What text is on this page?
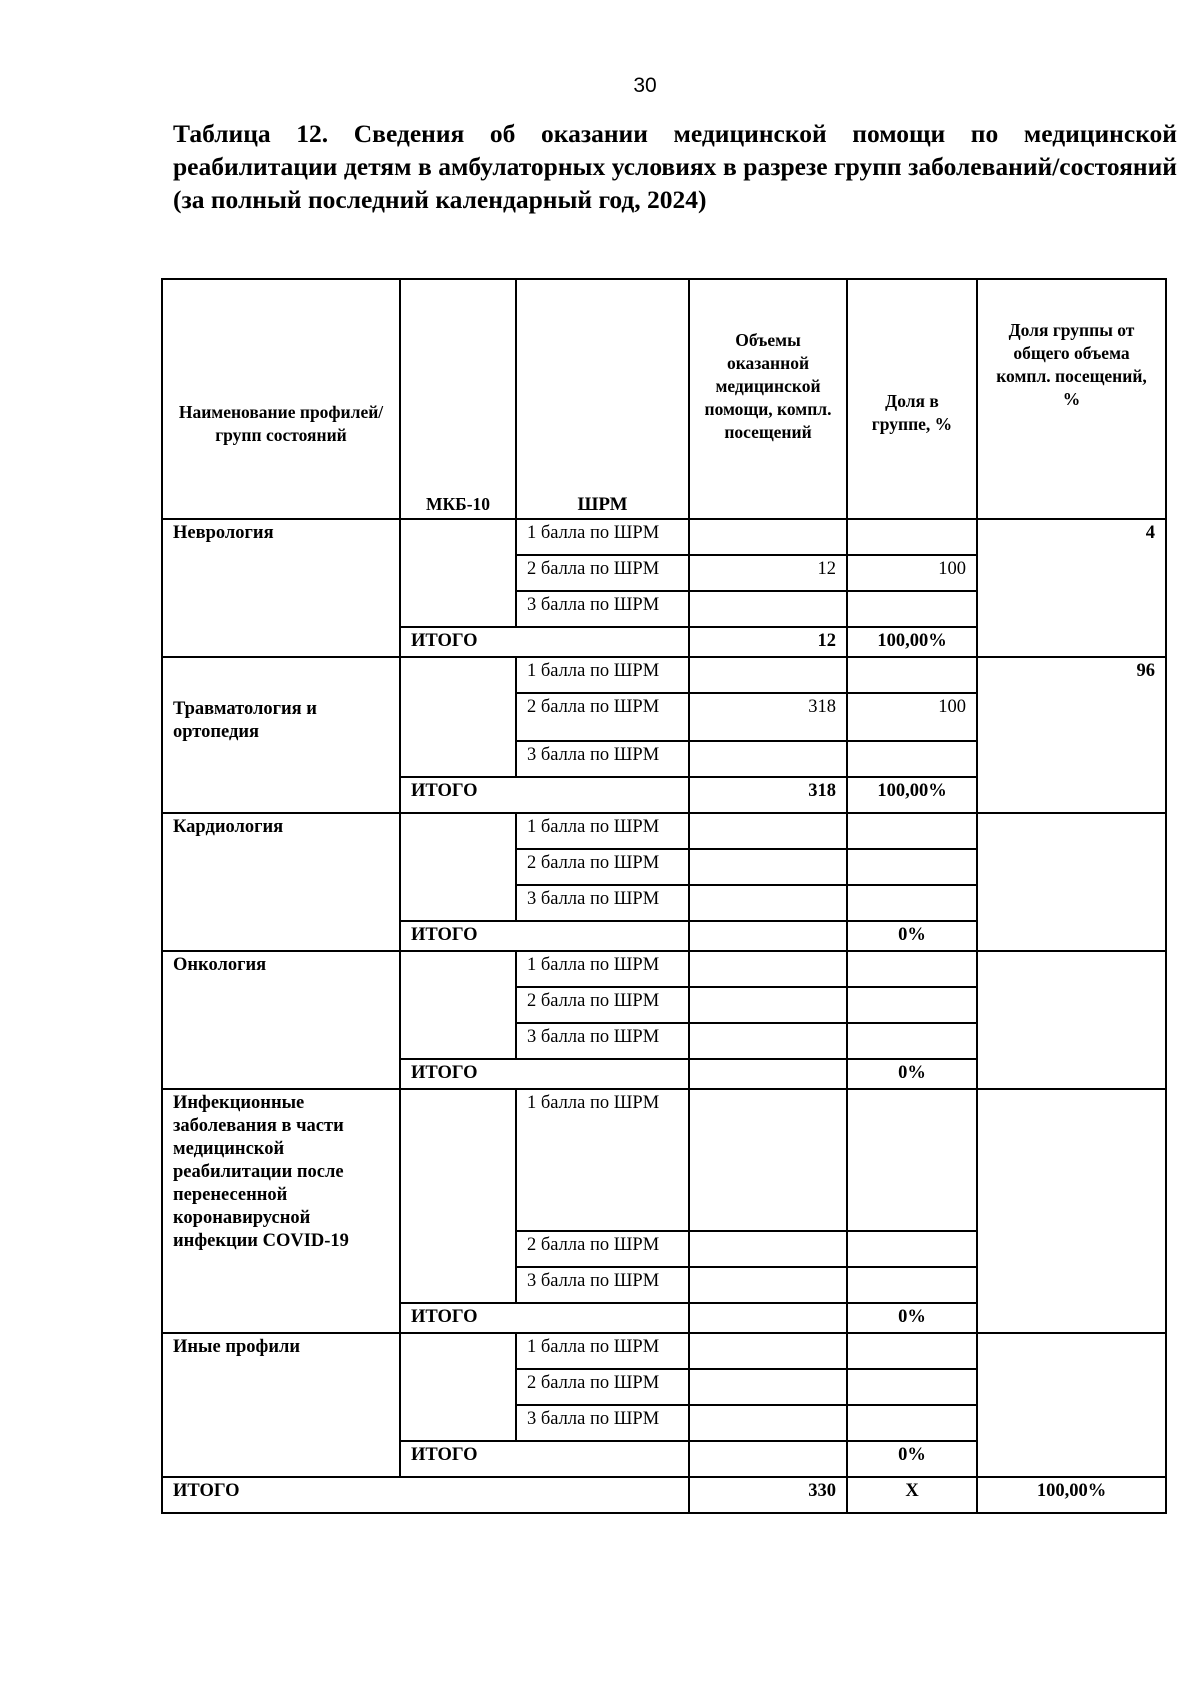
30

Таблица 12. Сведения об оказании медицинской помощи по медицинской реабилитации детям в амбулаторных условиях в разрезе групп заболеваний/состояний (за полный последний календарный год, 2024)

Наименование профилей/групп состояний	МКБ-10	ШРМ	Объемы оказанной медицинской помощи, компл. посещений	Доля в группе, %	Доля группы от общего объема компл. посещений, %
Неврология		1 балла по ШРМ			4
		2 балла по ШРМ	12	100	
		3 балла по ШРМ			
	ИТОГО		12	100,00%	
Травматология и ортопедия		1 балла по ШРМ			96
		2 балла по ШРМ	318	100	
		3 балла по ШРМ			
	ИТОГО		318	100,00%	
Кардиология		1 балла по ШРМ			
		2 балла по ШРМ			
		3 балла по ШРМ			
	ИТОГО			0%	
Онкология		1 балла по ШРМ			
		2 балла по ШРМ			
		3 балла по ШРМ			
	ИТОГО			0%	
Инфекционные заболевания в части медицинской реабилитации после перенесенной коронавирусной инфекции COVID-19		1 балла по ШРМ			
		2 балла по ШРМ			
		3 балла по ШРМ			
	ИТОГО			0%	
Иные профили		1 балла по ШРМ			
		2 балла по ШРМ			
		3 балла по ШРМ			
	ИТОГО			0%	
ИТОГО			330	Х	100,00%
